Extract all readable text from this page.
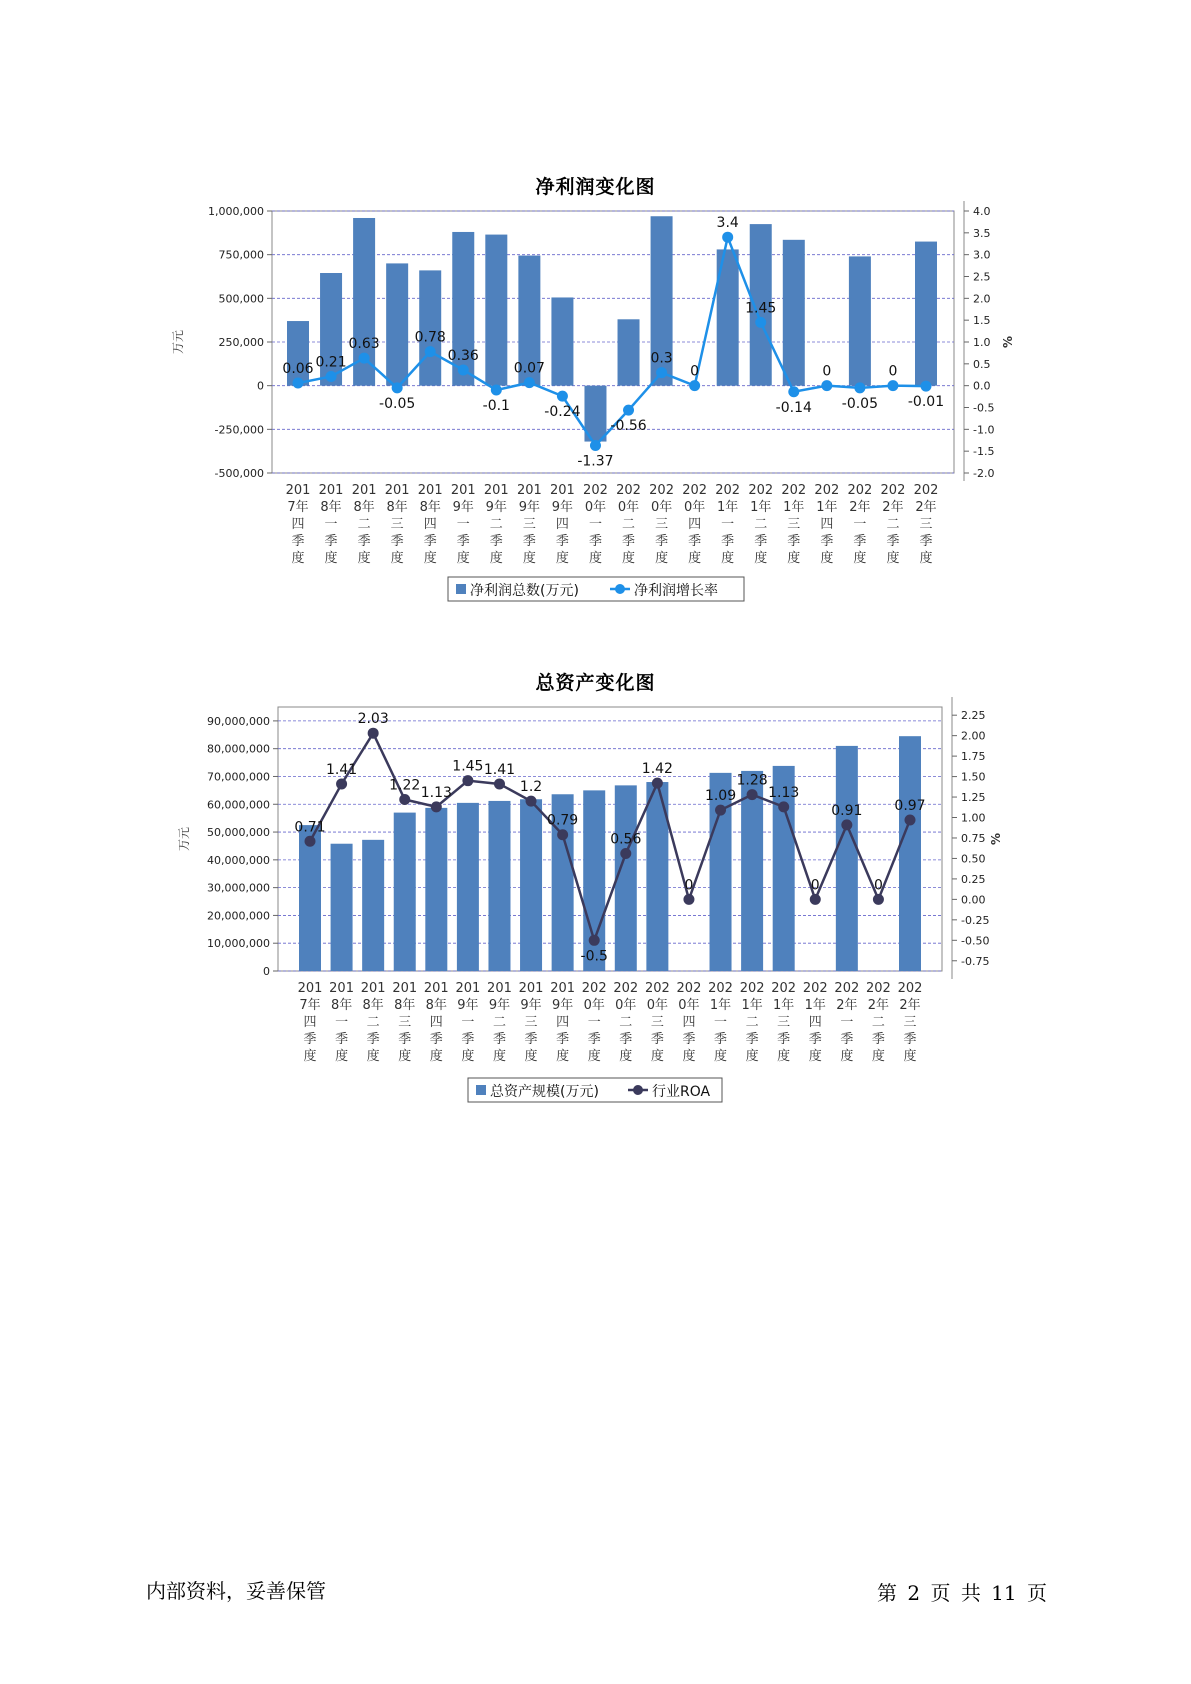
净利润变化图
1,000,000
750,000
500,000
250,000
0
-250,000
-500,000
4.0
3.5
3.0
2.5
2.0
1.5
1.0
0.5
0.0
-0.5
-1.0
-1.5
-2.0
万元	%
0.06 0.21
0.63
-0.05
0.78
0.36
-0.1
0.07
-0.24
-1.37
-0.56
0.3
0
3.4
1.45
-0.14
0
-0.05
0
-0.01
201
7年
四
季
度
201
8年
一
季
度
201
8年
二
季
度
201
8年
三
季
度
201
8年
四
季
度
201
9年
一
季
度
201
9年
二
季
度
201
9年
三
季
度
201
9年
四
季
度
202
0年
一
季
度
202
0年
二
季
度
202
0年
三
季
度
202
0年
四
季
度
202
1年
一
季
度
202
1年
二
季
度
202
1年
三
季
度
202
1年
四
季
度
202
2年
一
季
度
202
2年
二
季
度
202
2年
三
季
度
净利润总数(万元)	净利润增长率
总资产变化图
90,000,000
80,000,000
70,000,000
60,000,000
50,000,000
40,000,000
30,000,000
20,000,000
10,000,000
0
2.25
2.00
1.75
1.50
1.25
1.00
0.75
0.50
0.25
0.00
-0.25
-0.50
-0.75
万元	%
0.71
1.41
2.03
1.22 1.13
1.45 1.41
1.2
0.79
-0.5
0.56
1.42
0
1.09
1.28
1.13
0
0.91
0
0.97
201
7年
四
季
度
201
8年
一
季
度
201
8年
二
季
度
201
8年
三
季
度
201
8年
四
季
度
201
9年
一
季
度
201
9年
二
季
度
201
9年
三
季
度
201
9年
四
季
度
202
0年
一
季
度
202
0年
二
季
度
202
0年
三
季
度
202
0年
四
季
度
202
1年
一
季
度
202
1年
二
季
度
202
1年
三
季
度
202
1年
四
季
度
202
2年
一
季
度
202
2年
二
季
度
202
2年
三
季
度
总资产规模(万元)	行业ROA
内部资料，妥善保管	第 2 页 共 11 页
